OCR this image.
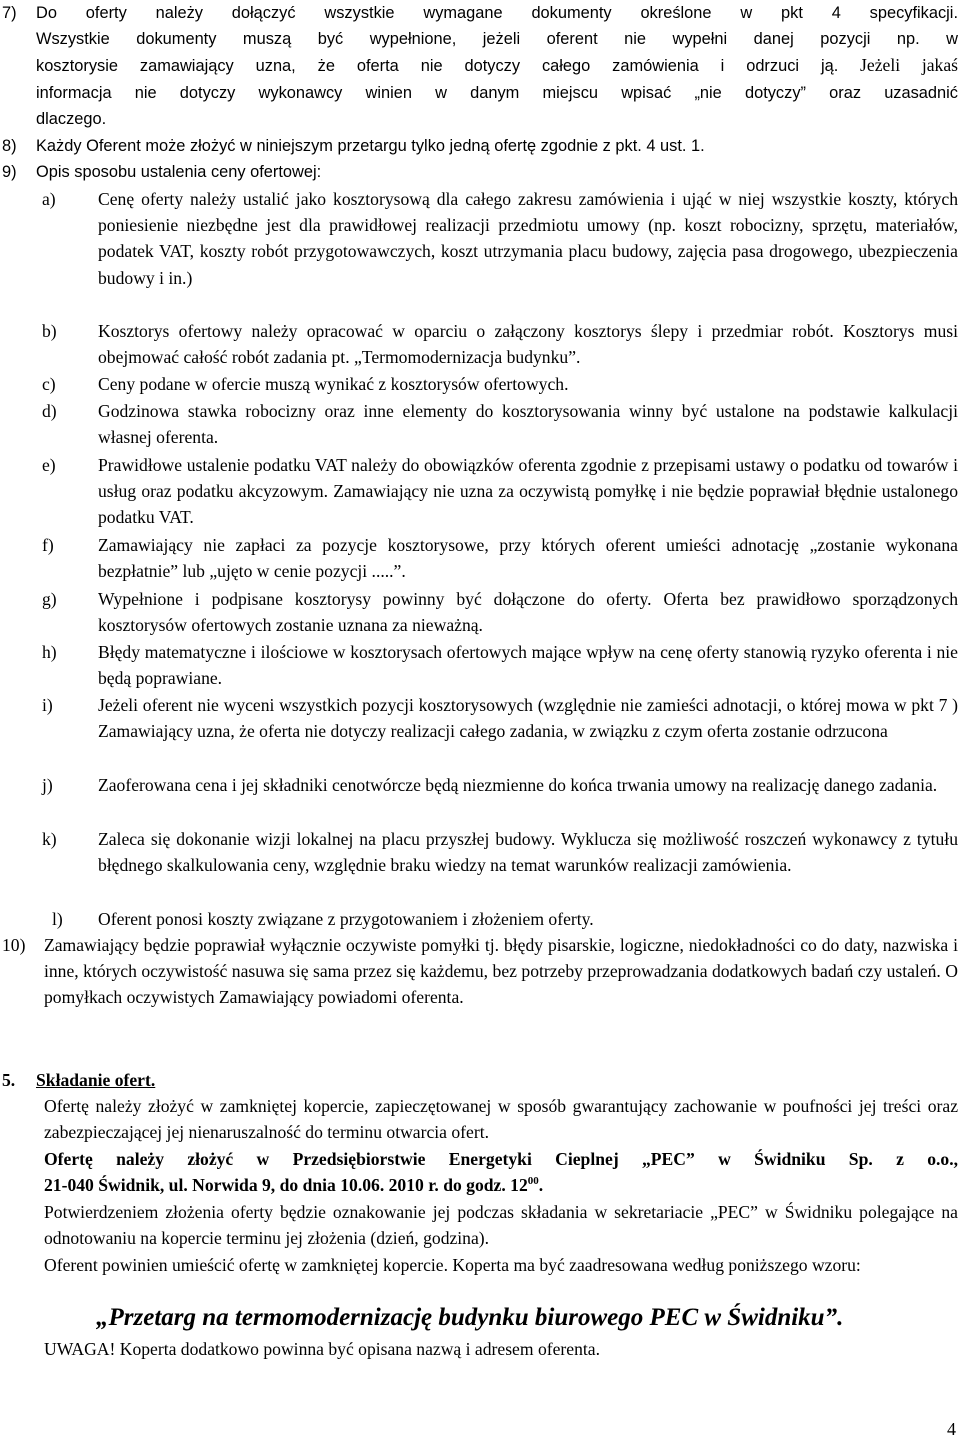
7) Do oferty należy dołączyć wszystkie wymagane dokumenty określone w pkt 4 specyfikacji.
Wszystkie dokumenty muszą być wypełnione, jeżeli oferent nie wypełni danej pozycji np. w
kosztorysie zamawiający uzna, że oferta nie dotyczy całego zamówienia i odrzuci ją. Jeżeli jakaś
informacja nie dotyczy wykonawcy winien w danym miejscu wpisać „nie dotyczy” oraz uzasadnić
dlaczego.

8) Każdy Oferent może złożyć w niniejszym przetargu tylko jedną ofertę zgodnie z pkt. 4 ust. 1.

9) Opis sposobu ustalenia ceny ofertowej:

a) Cenę oferty należy ustalić jako kosztorysową dla całego zakresu zamówienia i ująć w niej wszystkie koszty, których poniesienie niezbędne jest dla prawidłowej realizacji przedmiotu umowy (np. koszt robocizny, sprzętu, materiałów, podatek VAT, koszty robót przygotowawczych, koszt utrzymania placu budowy, zajęcia pasa drogowego, ubezpieczenia budowy i in.)

b) Kosztorys ofertowy należy opracować w oparciu o załączony kosztorys ślepy i przedmiar robót. Kosztorys musi obejmować całość robót zadania pt. „Termomodernizacja budynku”.

c) Ceny podane w ofercie muszą wynikać z kosztorysów ofertowych.

d) Godzinowa stawka robocizny oraz inne elementy do kosztorysowania winny być ustalone na podstawie kalkulacji własnej oferenta.

e) Prawidłowe ustalenie podatku VAT należy do obowiązków oferenta zgodnie z przepisami ustawy o podatku od towarów i usług oraz podatku akcyzowym. Zamawiający nie uzna za oczywistą pomyłkę i nie będzie poprawiał błędnie ustalonego podatku VAT.

f)	Zamawiający nie zapłaci za pozycje kosztorysowe, przy których oferent umieści adnotację „zostanie wykonana bezpłatnie” lub „ujęto w cenie pozycji .....”.

g) Wypełnione i podpisane kosztorysy powinny być dołączone do oferty. Oferta bez prawidłowo sporządzonych kosztorysów ofertowych zostanie uznana za nieważną.

h) Błędy matematyczne i ilościowe w kosztorysach ofertowych mające wpływ na cenę oferty stanowią ryzyko oferenta i nie będą poprawiane.

i)	Jeżeli oferent nie wyceni wszystkich pozycji kosztorysowych (względnie nie zamieści adnotacji, o której mowa w pkt 7 ) Zamawiający uzna, że oferta nie dotyczy realizacji całego zadania, w związku z czym oferta zostanie odrzucona

j)	Zaoferowana cena i jej składniki cenotwórcze będą niezmienne do końca trwania umowy na realizację danego zadania.

k) Zaleca się dokonanie wizji lokalnej na placu przyszłej budowy. Wyklucza się możliwość roszczeń wykonawcy z tytułu błędnego skalkulowania ceny, względnie braku wiedzy na temat warunków realizacji zamówienia.

l) Oferent ponosi koszty związane z przygotowaniem i złożeniem oferty.

10) Zamawiający będzie poprawiał wyłącznie oczywiste pomyłki tj. błędy pisarskie, logiczne, niedokładności co do daty, nazwiska i inne, których oczywistość nasuwa się sama przez się każdemu, bez potrzeby przeprowadzania dodatkowych badań czy ustaleń. O pomyłkach oczywistych Zamawiający powiadomi oferenta.

5. Składanie ofert.

Ofertę należy złożyć w zamkniętej kopercie, zapieczętowanej w sposób gwarantujący zachowanie w poufności jej treści oraz zabezpieczającej jej nienaruszalność do terminu otwarcia ofert.

Ofertę należy złożyć w Przedsiębiorstwie Energetyki Cieplnej „PEC” w Świdniku Sp. z o.o.,
21-040 Świdnik, ul. Norwida 9, do dnia 10.06. 2010 r. do godz. $12^{00}$.

Potwierdzeniem złożenia oferty będzie oznakowanie jej podczas składania w sekretariacie „PEC” w Świdniku polegające na odnotowaniu na kopercie terminu jej złożenia (dzień, godzina).

Oferent powinien umieścić ofertę w zamkniętej kopercie. Koperta ma być zaadresowana według poniższego wzoru:

„Przetarg na termomodernizację budynku biurowego PEC w Świdniku”.

UWAGA! Koperta dodatkowo powinna być opisana nazwą i adresem oferenta.

4
